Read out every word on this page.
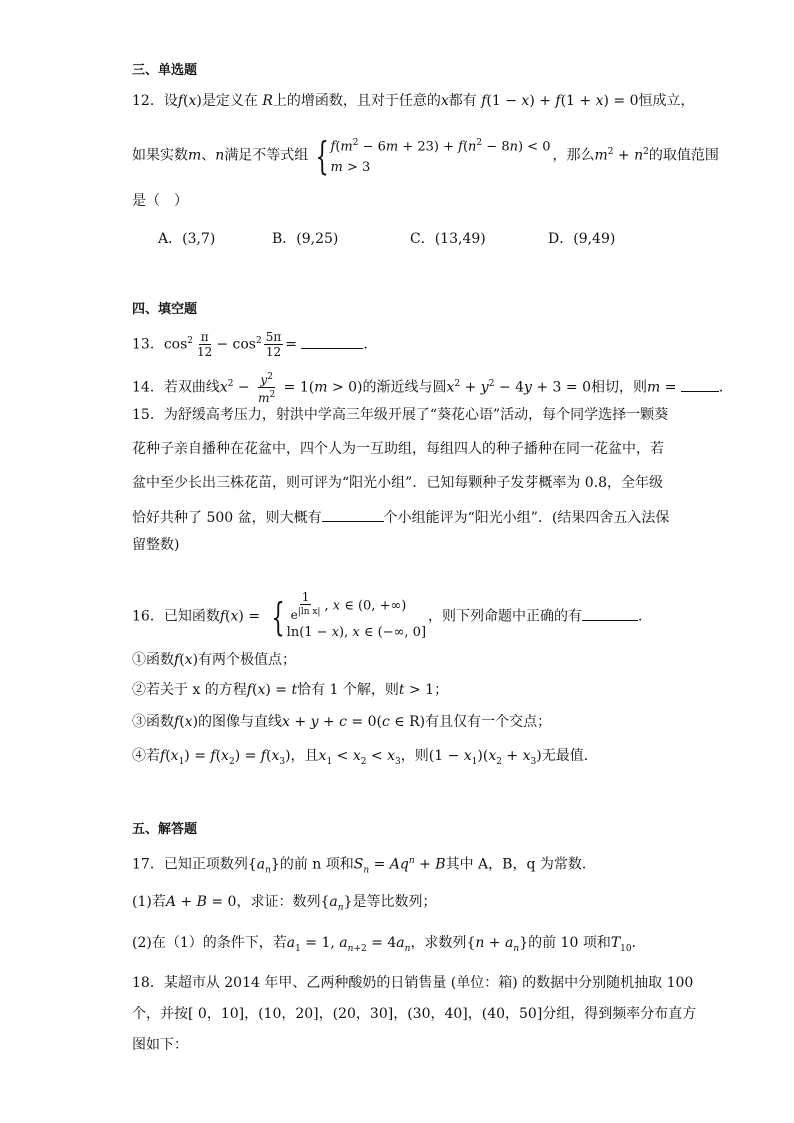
三、单选题
12．设f(x)是定义在 R上的增函数，且对于任意的x都有 f(1 − x) + f(1 + x) = 0恒成立，
如果实数m、n满足不等式组 { $f(m^2 - 6m + 23) + f(n^2 - 8n) < 0$
m > 3
，那么$m^2 + n^2$的取值范围
是（　）
A．(3,7)	B．(9,25)	C．(13,49)	D．(9,49)
四、填空题
13．$\cos^2 \frac{\pi}{12} - \cos^2 \frac{5\pi}{12}$ =	.
14．若双曲线$x^2 - \frac{y^2}{m^2} = 1(m > 0)$的渐近线与圆$x^2 + y^2 - 4y + 3 = 0$相切，则m =	．
15．为舒缓高考压力，射洪中学高三年级开展了“葵花心语”活动，每个同学选择一颗葵
花种子亲自播种在花盆中，四个人为一互助组，每组四人的种子播种在同一花盆中，若
盆中至少长出三株花苗，则可评为“阳光小组”．已知每颗种子发芽概率为 0.8，全年级
恰好共种了 500 盆，则大概有	个小组能评为“阳光小组”．(结果四舍五入法保
留整数)
16．已知函数f(x) = { $\frac{1}{e^{|ln x|}}$ , x ∈ (0, +∞)
ln(1 − x), x ∈ (−∞, 0]
，则下列命题中正确的有	．
①函数f(x)有两个极值点；
②若关于 x 的方程f(x) = t恰有 1 个解，则t > 1；
③函数f(x)的图像与直线x + y + c = 0(c ∈ R)有且仅有一个交点；
④若$f(x_1) = f(x_2) = f(x_3)$，且$x_1 < x_2 < x_3$，则$(1 - x_1)(x_2 + x_3)$无最值．
五、解答题
17．已知正项数列$\{a_n\}$的前 n 项和$S_n = Aq^n + B$其中 A，B，q 为常数．
(1)若A + B = 0，求证：数列$\{a_n\}$是等比数列；
(2)在（1）的条件下，若$a_1 = 1$, $a_{n+2} = 4a_n$，求数列$\{n + a_n\}$的前 10 项和$T_{10}$．
18．某超市从 2014 年甲、乙两种酸奶的日销售量 (单位：箱) 的数据中分别随机抽取 100
个，并按[ 0，10]，(10，20]，(20，30]，(30，40]，(40，50]分组，得到频率分布直方
图如下：
